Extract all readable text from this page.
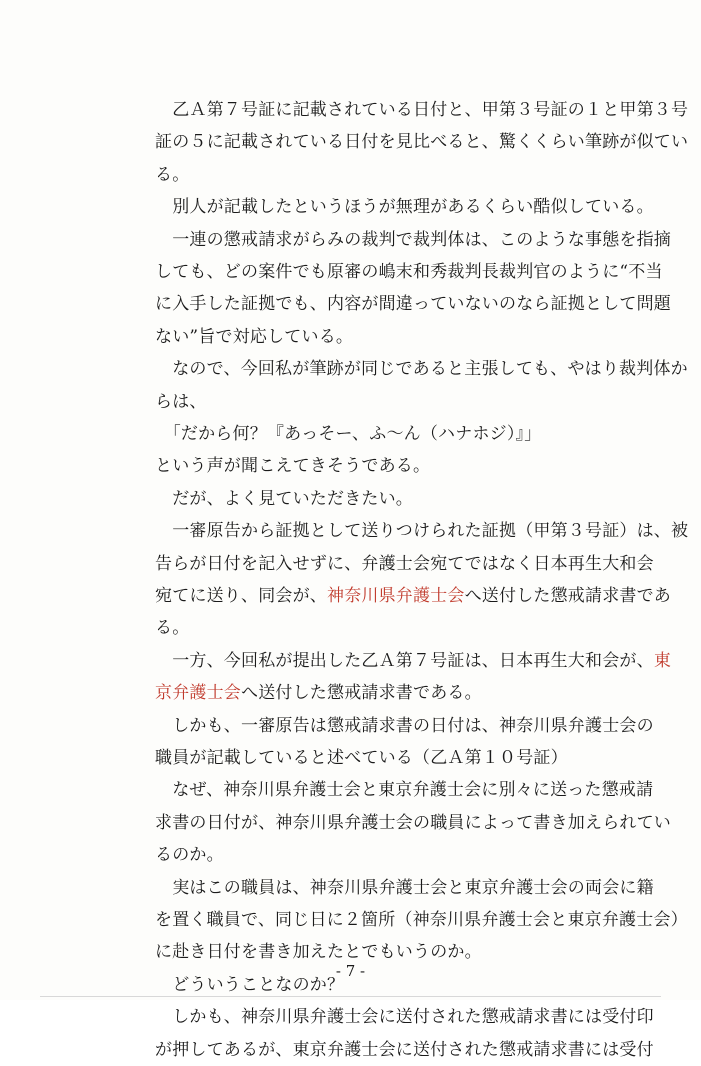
　乙Ａ第７号証に記載されている日付と、甲第３号証の１と甲第３号
証の５に記載されている日付を見比べると、驚くくらい筆跡が似てい
る。
　別人が記載したというほうが無理があるくらい酷似している。
　一連の懲戒請求がらみの裁判で裁判体は、このような事態を指摘
しても、どの案件でも原審の嶋末和秀裁判長裁判官のように“不当
に入手した証拠でも、内容が間違っていないのなら証拠として問題
ない”旨で対応している。
　なので、今回私が筆跡が同じであると主張しても、やはり裁判体か
らは、
　「だから何？『あっそー、ふ～ん（ハナホジ）』」
という声が聞こえてきそうである。
　だが、よく見ていただきたい。
　一審原告から証拠として送りつけられた証拠（甲第３号証）は、被
告らが日付を記入せずに、弁護士会宛てではなく日本再生大和会
宛てに送り、同会が、神奈川県弁護士会へ送付した懲戒請求書であ
る。
　一方、今回私が提出した乙Ａ第７号証は、日本再生大和会が、東
京弁護士会へ送付した懲戒請求書である。
　しかも、一審原告は懲戒請求書の日付は、神奈川県弁護士会の
職員が記載していると述べている（乙Ａ第１０号証）
　なぜ、神奈川県弁護士会と東京弁護士会に別々に送った懲戒請
求書の日付が、神奈川県弁護士会の職員によって書き加えられてい
るのか。
　実はこの職員は、神奈川県弁護士会と東京弁護士会の両会に籍
を置く職員で、同じ日に２箇所（神奈川県弁護士会と東京弁護士会）
に赴き日付を書き加えたとでもいうのか。
　どういうことなのか？
　しかも、神奈川県弁護士会に送付された懲戒請求書には受付印
が押してあるが、東京弁護士会に送付された懲戒請求書には受付
- 7 -
